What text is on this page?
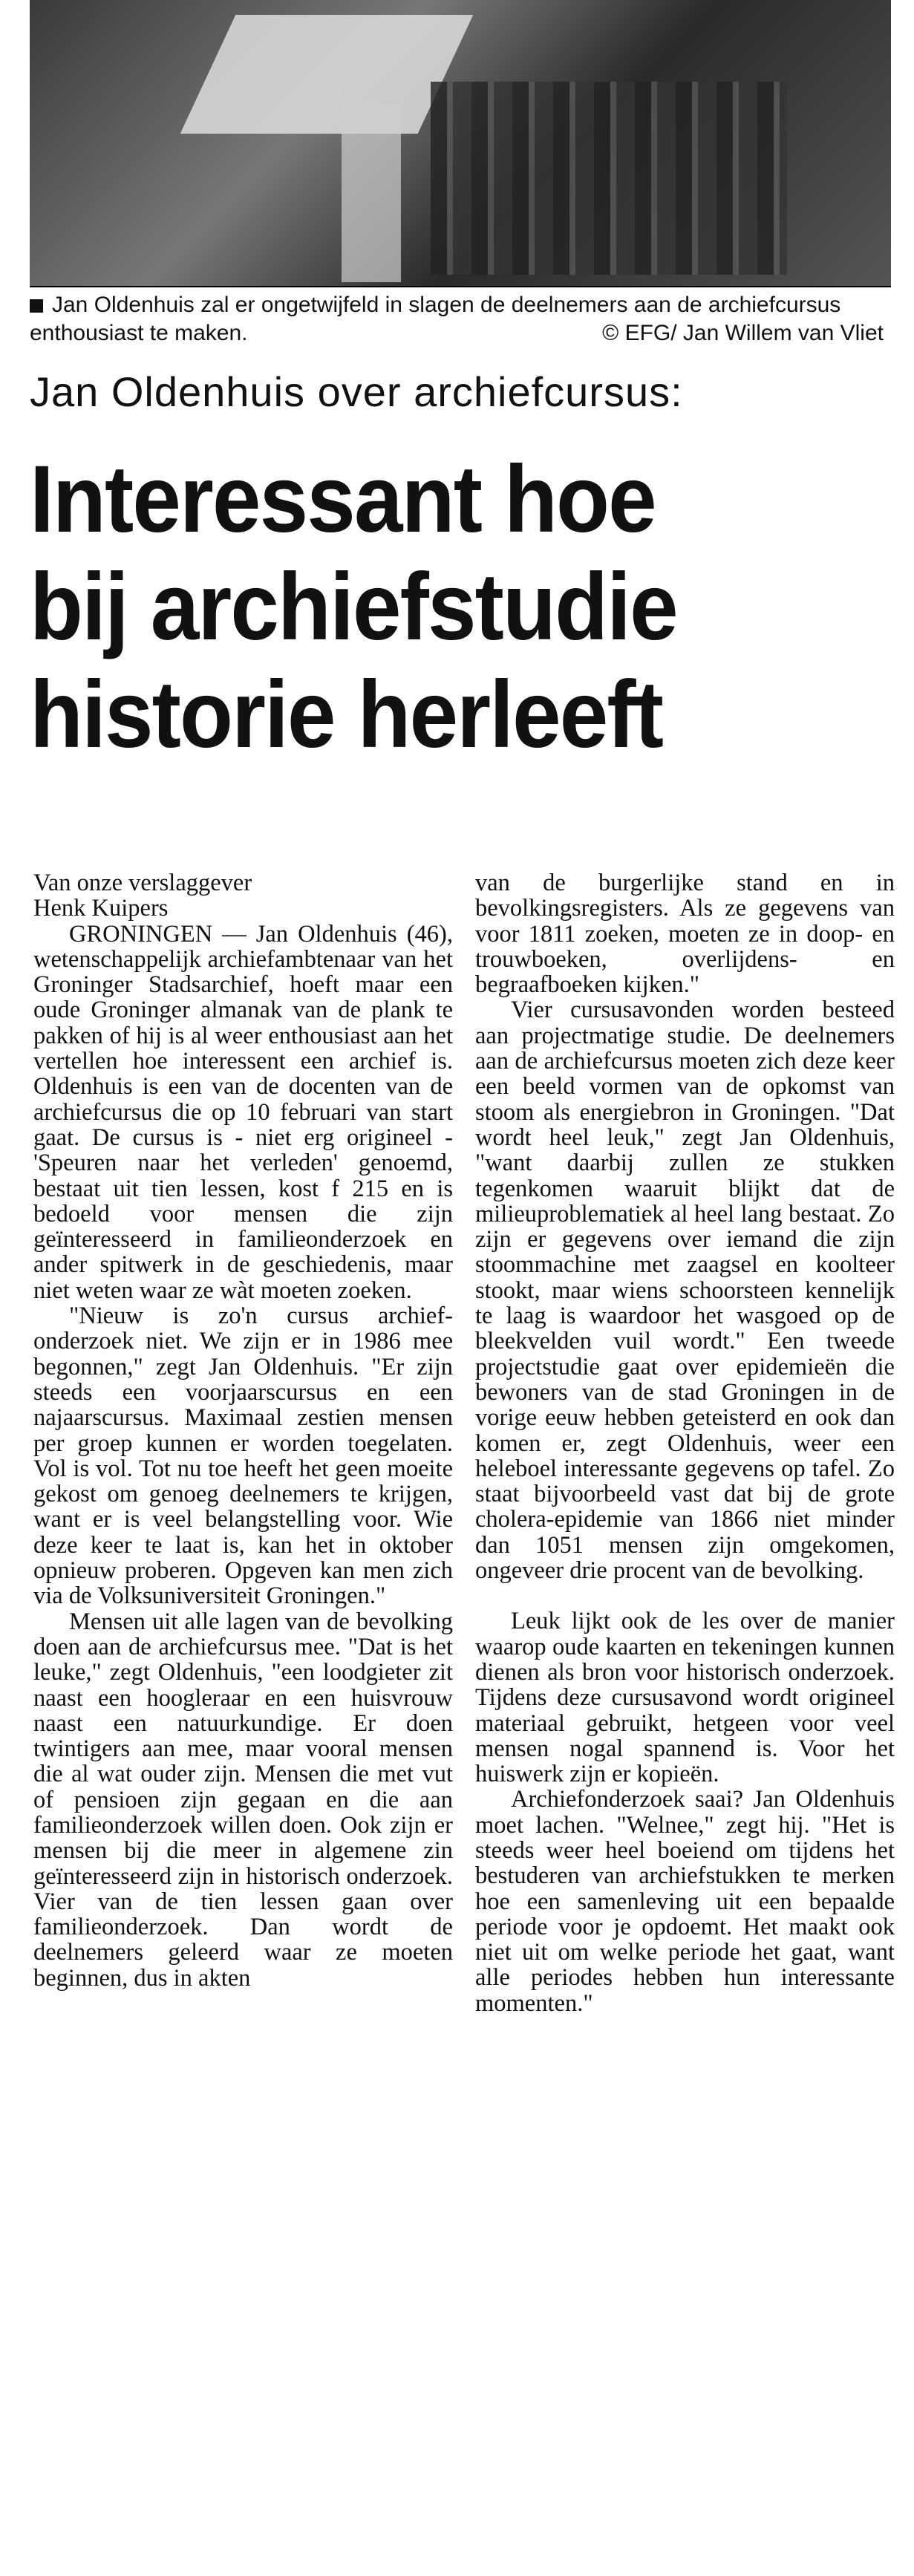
Jan Oldenhuis zal er ongetwijfeld in slagen de deelnemers aan de archiefcursus enthousiast te maken.	© EFG/ Jan Willem van Vliet
Jan Oldenhuis over archiefcursus:
Interessant hoe
bij archiefstudie
historie herleeft

Van onze verslaggever

Henk Kuipers

GRONINGEN — Jan Oldenhuis (46), wetenschappelijk archiefambtenaar van het Groninger Stadsarchief, hoeft maar een oude Groninger almanak van de plank te pakken of hij is al weer enthousiast aan het vertellen hoe interessent een archief is. Oldenhuis is een van de docenten van de archiefcursus die op 10 februari van start gaat. De cursus is - niet erg origineel - 'Speuren naar het verleden' genoemd, bestaat uit tien lessen, kost f 215 en is bedoeld voor mensen die zijn geïnteresseerd in familieonderzoek en ander spitwerk in de geschiedenis, maar niet weten waar ze wàt moeten zoeken.

"Nieuw is zo'n cursus archief- onderzoek niet. We zijn er in 1986 mee begonnen," zegt Jan Oldenhuis. "Er zijn steeds een voorjaarscursus en een najaarscursus. Maximaal zestien mensen per groep kunnen er worden toegelaten. Vol is vol. Tot nu toe heeft het geen moeite gekost om genoeg deelnemers te krijgen, want er is veel belangstelling voor. Wie deze keer te laat is, kan het in oktober opnieuw proberen. Opgeven kan men zich via de Volksuniversiteit Groningen."

Mensen uit alle lagen van de bevolking doen aan de archiefcursus mee. "Dat is het leuke," zegt Oldenhuis, "een loodgieter zit naast een hoogleraar en een huisvrouw naast een natuurkundige. Er doen twintigers aan mee, maar vooral mensen die al wat ouder zijn. Mensen die met vut of pensioen zijn gegaan en die aan familieonderzoek willen doen. Ook zijn er mensen bij die meer in algemene zin geïnteresseerd zijn in historisch onderzoek. Vier van de tien lessen gaan over familieonderzoek. Dan wordt de deelnemers geleerd waar ze moeten beginnen, dus in akten

van de burgerlijke stand en in bevolkingsregisters. Als ze gegevens van voor 1811 zoeken, moeten ze in doop- en trouwboeken, overlijdens- en begraafboeken kijken."

Vier cursusavonden worden besteed aan projectmatige studie. De deelnemers aan de archiefcursus moeten zich deze keer een beeld vormen van de opkomst van stoom als energiebron in Groningen. "Dat wordt heel leuk," zegt Jan Oldenhuis, "want daarbij zullen ze stukken tegenkomen waaruit blijkt dat de milieuproblematiek al heel lang bestaat. Zo zijn er gegevens over iemand die zijn stoommachine met zaagsel en koolteer stookt, maar wiens schoorsteen kennelijk te laag is waardoor het wasgoed op de bleekvelden vuil wordt." Een tweede projectstudie gaat over epidemieën die bewoners van de stad Groningen in de vorige eeuw hebben geteisterd en ook dan komen er, zegt Oldenhuis, weer een heleboel interessante gegevens op tafel. Zo staat bijvoorbeeld vast dat bij de grote cholera-epidemie van 1866 niet minder dan 1051 mensen zijn omgekomen, ongeveer drie procent van de bevolking.

Leuk lijkt ook de les over de manier waarop oude kaarten en tekeningen kunnen dienen als bron voor historisch onderzoek. Tijdens deze cursusavond wordt origineel materiaal gebruikt, hetgeen voor veel mensen nogal spannend is. Voor het huiswerk zijn er kopieën.

Archiefonderzoek saai? Jan Oldenhuis moet lachen. "Welnee," zegt hij. "Het is steeds weer heel boeiend om tijdens het bestuderen van archiefstukken te merken hoe een samenleving uit een bepaalde periode voor je opdoemt. Het maakt ook niet uit om welke periode het gaat, want alle periodes hebben hun interessante momenten."
